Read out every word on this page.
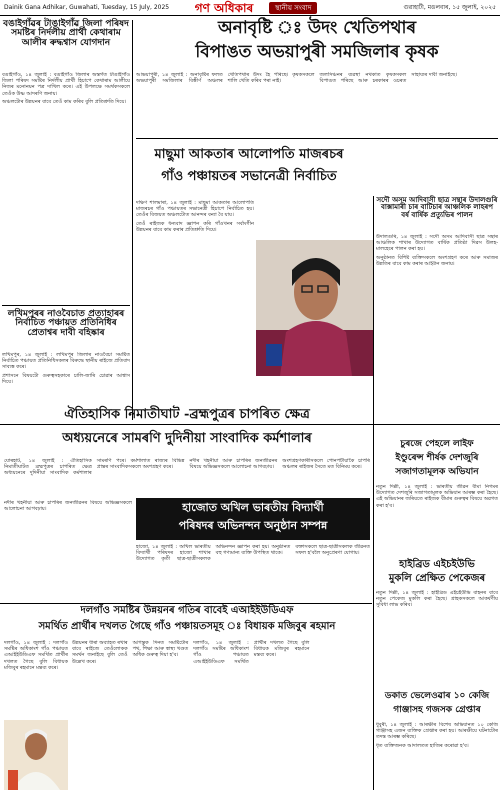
Dainik Gana Adhikar, Guwahati, Tuesday, 15 July, 2025	গণ অধিকাৰ	স্থানীয় সংবাদ	গুৱাহাটী, মঙলবাৰ, ১৫ জুলাই, ২০২৫
বঙাইগাঁৱৰ টাঙাইগাঁৱ জিলা পৰিষদ সমষ্টিৰ নিৰ্দলীয় প্ৰাৰ্থী কেথাৰাম আলীৰ ৰুদ্ধশ্বাস যোগদান

বঙাইগাঁও, ১৪ জুলাই : বঙাইগাঁও জিলাৰ অন্তৰ্গত টাঙাইগাঁও জিলা পৰিষদ সমষ্টিৰ নিৰ্দলীয় প্ৰাৰ্থী হিচাপে কেথাৰাম আলীয়ে নিজৰ মনোনয়ন পত্ৰ দাখিল কৰে। এই উপলক্ষে সমৰ্থকসকলে তেওঁক উষ্ণ আদৰণি জনায়।

অঞ্চলটোৰ উন্নয়নৰ বাবে তেওঁ কাম কৰিব বুলি প্ৰতিশ্ৰুতি দিয়ে।

লখিমপুৰৰ নাওবৈচাত প্ৰত্যাহাৰৰ নিৰ্বাচিত পঞ্চায়ত প্ৰতিনিধিৰ প্ৰেতাশ্বৰ দাবী বহিষ্কাৰ

লখিমপুৰ, ১৪ জুলাই : লখিমপুৰ জিলাৰ নাওবৈচা সমষ্টিত নিৰ্বাচিত পঞ্চায়ত প্ৰতিনিধিসকলৰ বিৰুদ্ধে স্থানীয় ৰাইজে প্ৰতিবাদ সাব্যস্ত কৰে।

প্ৰশাসনে বিষয়টো গুৰুত্বসহকাৰে চালি-জাৰি চোৱাৰ আশ্বাস দিয়ে।

অনাবৃষ্টি ঃ উদং খেতিপথাৰ
বিপাঙত অভয়াপুৰী সমজিলাৰ কৃষক

আভয়াপুৰী, ১৪ জুলাই : অনাবৃষ্টিৰ ফলত অভয়াপুৰী সমজিলাৰ বিস্তীৰ্ণ অঞ্চলৰ খেতিপথাৰ উদং হৈ পৰিছে। কৃষকসকলে শালি খেতি কৰিব পৰা নাই।

জলসিঞ্চনৰ ব্যৱস্থা নথকাত কৃষকসকল বিপাঙত পৰিছে আৰু চৰকাৰৰ ওচৰত সাহায্যৰ দাবী জনাইছে।

মাছুমা আকতাৰ আলোপতি মাজৰচৰ
গাঁও পঞ্চায়তৰ সভানেত্ৰী নিৰ্বাচিত

দক্ষিণ শালমাৰা, ১৪ জুলাই : মাছুমা আকতাৰ আলোপতি মাজৰচৰ গাঁও পঞ্চায়তৰ সভানেত্ৰী হিচাপে নিৰ্বাচিত হয়। তেওঁৰ বিজয়ত অঞ্চলটোত আনন্দৰ বন্যা বৈ যায়।

তেওঁ ৰাইজক ধন্যবাদ জ্ঞাপন কৰি গাঁওখনৰ সৰ্বাংগীন উন্নয়নৰ বাবে কাম কৰাৰ প্ৰতিশ্ৰুতি দিয়ে।

সদৌ অসম আদিবাসী ছাত্ৰ সন্থাৰ উদালগুৰি বাক্সামাৰী চাৰ বাটিচাৰ আঞ্চলিক লাহৰপ বৰ্ষ বাৰ্ষিক প্ৰত্যুভিৰ পালন

উদালগুৰি, ১৪ জুলাই : সদৌ অসম আদিবাসী ছাত্ৰ সন্থাৰ আঞ্চলিক শাখাৰ উদ্যোগত বাৰ্ষিক প্ৰতিষ্ঠা দিৱস উলহ-মালহেৰে পালন কৰা হয়।

অনুষ্ঠানত বিশিষ্ট ব্যক্তিসকলে অংশগ্ৰহণ কৰে আৰু সমাজৰ উন্নতিৰ বাবে কাম কৰাৰ আহ্বান জনায়।

ঐতিহাসিক নিমাতীঘাট -ব্ৰহ্মপুত্ৰৰ চাপৰিত ক্ষেত্ৰ
অধ্যয়নেৰে সামৰণি দুদিনীয়া সাংবাদিক কৰ্মশালাৰ

যোৰহাট, ১৪ জুলাই : ঐতিহাসিক নিমাতীঘাটত ব্ৰহ্মপুত্ৰৰ চাপৰিত ক্ষেত্ৰ অধ্যয়নেৰে দুদিনীয়া সাংবাদিক কৰ্মশালাৰ সামৰণি পৰে। কৰ্মশালাত ৰাজ্যৰ বিভিন্ন প্ৰান্তৰ সাংবাদিকসকলে অংশগ্ৰহণ কৰে।

নদীৰ খহনীয়া আৰু চাপৰিৰ জনজীৱনৰ বিষয়ে অভিজ্ঞসকলে আলোচনা আগবঢ়ায়।

অংশগ্ৰহণকাৰীসকলে পোনপটীয়াকৈ চাপৰি অঞ্চলৰ ৰাইজৰ সৈতে মত বিনিময় কৰে।

চুৰজে পেহলে লাইফ
ইণ্ডুৰেন্স শীৰ্ষক দেশজুৰি
সজাগতামূলক অভিযান

নতুন দিল্লী, ১৪ জুলাই : ভাৰতীয় জীৱন বীমা নিগমৰ উদ্যোগত দেশজুৰি সজাগতামূলক অভিযান আৰম্ভ কৰা হৈছে। এই অভিযানৰ জৰিয়তে ৰাইজক বীমাৰ গুৰুত্বৰ বিষয়ে অৱগত কৰা হ'ব।

হাজোত অখিল ভাৰতীয় বিদ্যাৰ্থী
পৰিষদৰ অভিনন্দন অনুষ্ঠান সম্পন্ন

নদীৰ খহনীয়া আৰু চাপৰিৰ জনজীৱনৰ বিষয়ে অভিজ্ঞসকলে আলোচনা আগবঢ়ায়।

হাজো, ১৪ জুলাই : অখিল ভাৰতীয় বিদ্যাৰ্থী পৰিষদৰ হাজো শাখাৰ উদ্যোগত কৃতী ছাত্ৰ-ছাত্ৰীসকলক অভিনন্দন জ্ঞাপন কৰা হয়। অনুষ্ঠানত বহু গণ্যমান্য ব্যক্তি উপস্থিত থাকে।

বক্তাসকলে ছাত্ৰ-ছাত্ৰীসকলক জীৱনত সফল হ'বলৈ অনুপ্ৰেৰণা যোগায়।

হাইব্ৰিড এইচইউভি
মুকলি প্ৰেক্ষিত পেকেজৰ

নতুন দিল্লী, ১৪ জুলাই : হাইব্ৰিড এইচইউভি বাহনৰ বাবে নতুন পেকেজ মুকলি কৰা হৈছে। গ্ৰাহকসকলে আকৰ্ষণীয় সুবিধা লাভ কৰিব।

দলগাঁও সমষ্টিৰ উন্নয়নৰ গতিৰ বাবেই এআইইউডিএফ
সমৰ্থিত প্ৰাৰ্থীৰ দখলত গৈছে গাঁও পঞ্চায়তসমূহ ঃ বিধায়ক মজিবুৰ ৰহমান

দলগাঁও, ১৪ জুলাই : দলগাঁও সমষ্টিৰ অধিকাংশ গাঁও পঞ্চায়ত এআইইউডিএফ সমৰ্থিত প্ৰাৰ্থীৰ দখলত গৈছে বুলি বিধায়ক মজিবুৰ ৰহমানে মন্তব্য কৰে।

উন্নয়নৰ ধাৰা অব্যাহত ৰখাৰ বাবে ৰাইজে তেওঁলোকক সমৰ্থন জনাইছে বুলি তেওঁ উল্লেখ কৰে।

আগন্তুক দিনত সমষ্টিটোৰ পথ, শিক্ষা আৰু স্বাস্থ্য খণ্ডত অধিক গুৰুত্ব দিয়া হ'ব।

দলগাঁও, ১৪ জুলাই : দলগাঁও সমষ্টিৰ অধিকাংশ গাঁও পঞ্চায়ত এআইইউডিএফ সমৰ্থিত প্ৰাৰ্থীৰ দখলত গৈছে বুলি বিধায়ক মজিবুৰ ৰহমানে মন্তব্য কৰে।

ডকাত ভেলেওৱাৰ ১০ কেজি
গাঞ্জাসহ গজসক গ্ৰেপ্তাৰ

ধুবুৰী, ১৪ জুলাই : আৰক্ষীৰ বিশেষ অভিযানত ১০ কেজি গাঞ্জাসহ এজন ব্যক্তিক গ্ৰেপ্তাৰ কৰা হয়। আৰক্ষীয়ে ঘটনাটোৰ তদন্ত আৰম্ভ কৰিছে।

ধৃত ব্যক্তিজনক আদালতত হাজিৰ কৰোৱা হ'ব।
